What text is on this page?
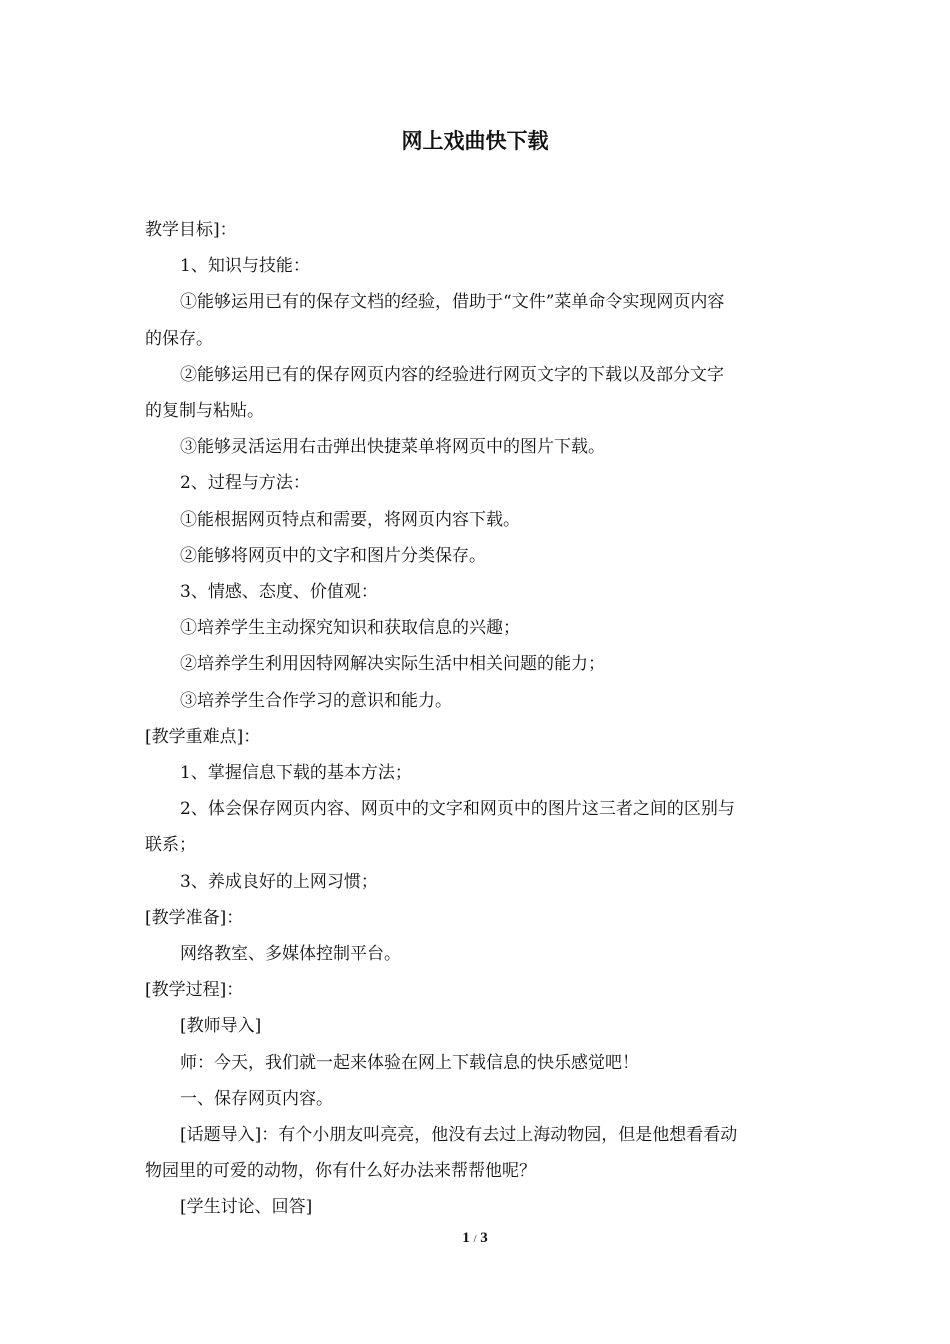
网上戏曲快下载
教学目标]：
1、知识与技能：
①能够运用已有的保存文档的经验，借助于“文件”菜单命令实现网页内容
的保存。
②能够运用已有的保存网页内容的经验进行网页文字的下载以及部分文字
的复制与粘贴。
③能够灵活运用右击弹出快捷菜单将网页中的图片下载。
2、过程与方法：
①能根据网页特点和需要，将网页内容下载。
②能够将网页中的文字和图片分类保存。
3、情感、态度、价值观：
①培养学生主动探究知识和获取信息的兴趣；
②培养学生利用因特网解决实际生活中相关问题的能力；
③培养学生合作学习的意识和能力。
[教学重难点]：
1、掌握信息下载的基本方法；
2、体会保存网页内容、网页中的文字和网页中的图片这三者之间的区别与
联系；
3、养成良好的上网习惯；
[教学准备]：
网络教室、多媒体控制平台。
[教学过程]：
[教师导入]
师：今天，我们就一起来体验在网上下载信息的快乐感觉吧！
一、保存网页内容。
[话题导入]：有个小朋友叫亮亮，他没有去过上海动物园，但是他想看看动
物园里的可爱的动物，你有什么好办法来帮帮他呢？
[学生讨论、回答]
1 / 3
